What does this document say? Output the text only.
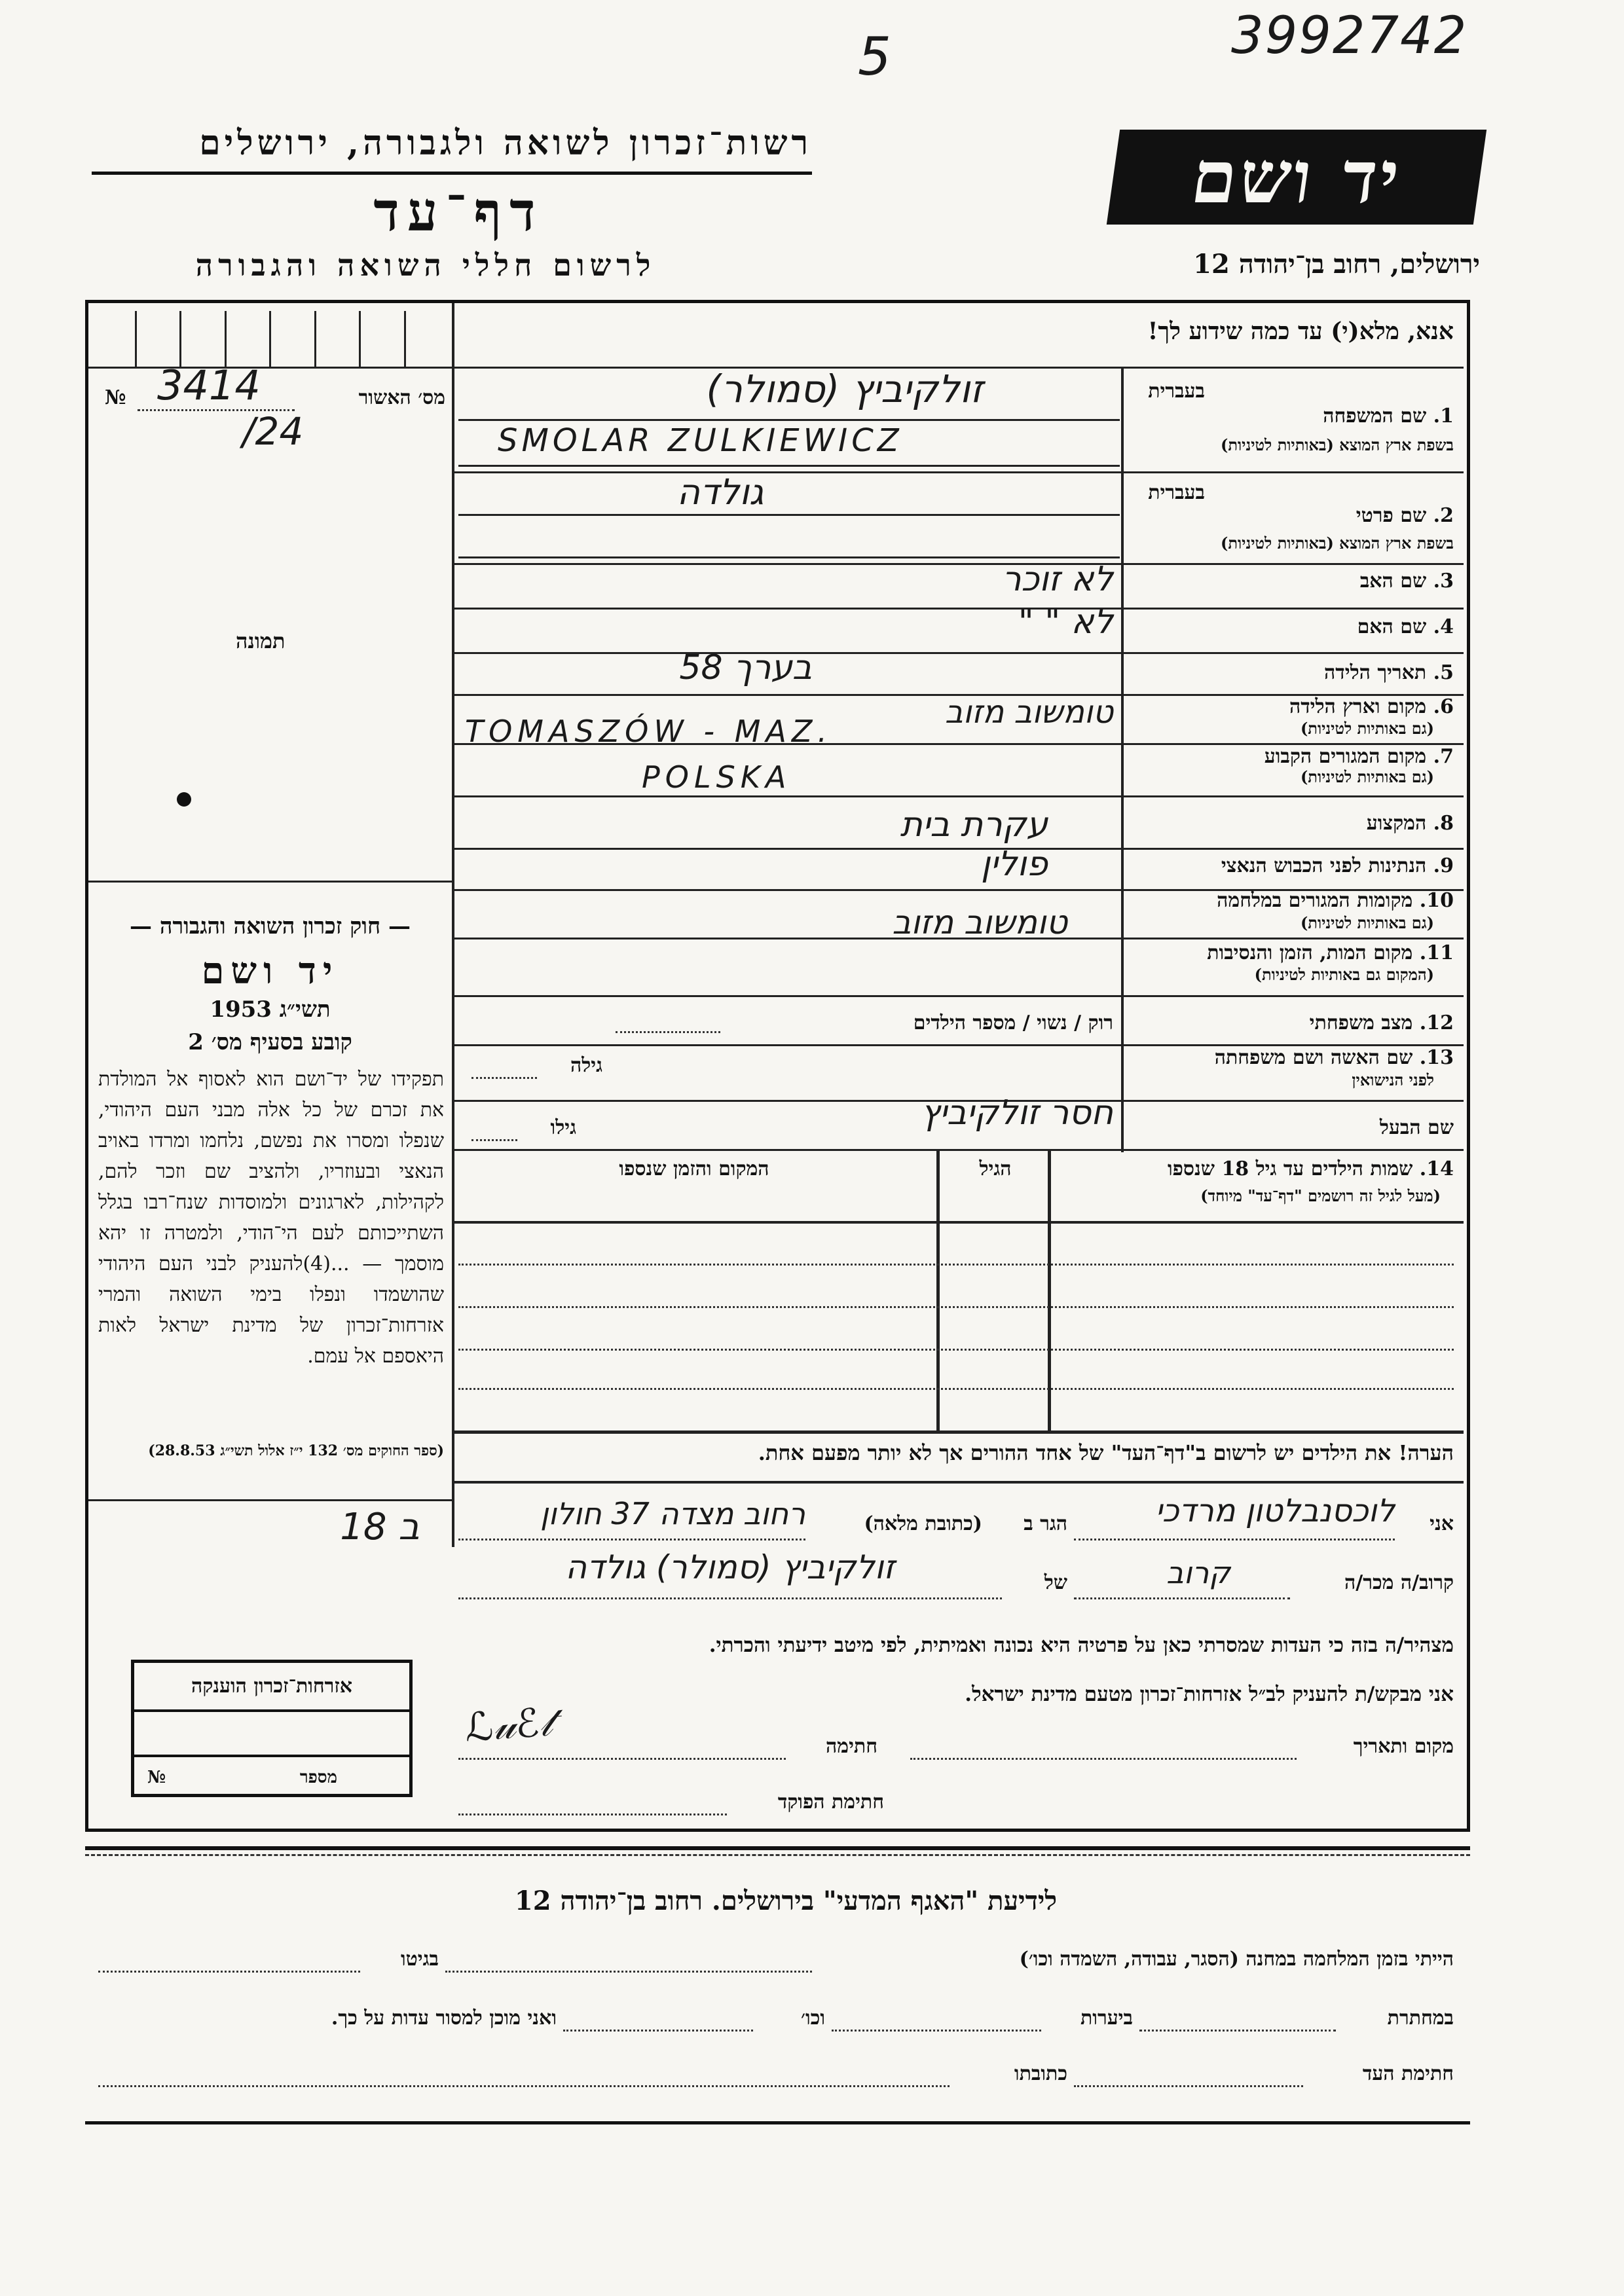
3992742
5
רשות־זכרון לשואה ולגבורה, ירושלים
דף־עד
לרשום חללי השואה והגבורה
יד ושם
ירושלים, רחוב בן־יהודה 12
אנא, מלא(י) עד כמה שידוע לך!
מס׳ האשור
№ 3414
/24
תמונה
— חוק זכרון השואה והגבורה —
יד ושם
תשי״ג 1953
קובע בסעיף מס׳ 2
תפקידו של יד־ושם הוא לאסוף אל המולדת את זכרם של כל אלה מבני העם היהודי, שנפלו ומסרו את נפשם, נלחמו ומרדו באויב הנאצי ובעוזריו, ולהציב שם וזכר להם, לקהילות, לארגונים ולמוסדות שנח־רבו בגלל השתייכותם לעם הי־הודי, ולמטרה זו יהא מוסמך — ...(4)להעניק לבני העם היהודי שהושמדו ונפלו בימי השואה והמרי אזרחות־זכרון של מדינת ישראל לאות היאספם אל עמם.
(ספר החוקים מס׳ 132 י״ז אלול תשי״ג 28.8.53)
בעברית
1. שם המשפחה
בשפת ארץ המוצא (באותיות לטיניות)
זולקיביץ (סמולר)
SMOLAR ZULKIEWICZ
בעברית
2. שם פרטי
בשפת ארץ המוצא (באותיות לטיניות)
גולדה
3. שם האב
לא זוכר
4. שם האם
לא " "
5. תאריך הלידה
בערך 58
6. מקום וארץ הלידה
(גם באותיות לטיניות)
טומשוב מזוב
TOMASZÓW - MAZ.
7. מקום המגורים הקבוע
(גם באותיות לטיניות)
POLSKA
8. המקצוע
עקרת בית
9. הנתינות לפני הכבוש הנאצי
פולין
10. מקומות המגורים במלחמה
(גם באותיות לטיניות)
טומשוב מזוב
11. מקום המות, הזמן והנסיבות
(המקום גם באותיות לטיניות)
12. מצב משפחתי
רוק / נשוי / מספר הילדים
13. שם האשה ושם משפחתה
לפני הנישואין
גילה
שם הבעל
חסר זולקיביץ
גילו
14. שמות הילדים עד גיל 18 שנספו
(מעל לגיל זה רושמים "דף־עד" מיוחד)
הגיל
המקום והזמן שנספו
הערה! את הילדים יש לרשום ב"דף־העד" של אחד ההורים אך לא יותר מפעם אחת.
אני
לוכסנבלטון מרדכי
הגר ב
(כתובת מלאה)
רחוב מצדה 37 חולון
קרוב/ה מכר/ה
קרוב
של
זולקיביץ (סמולר) גולדה
מצהיר/ה בזה כי העדות שמסרתי כאן על פרטיה היא נכונה ואמיתית, לפי מיטב ידיעתי והכרתי.
אני מבקש/ת להעניק לב״ל אזרחות־זכרון מטעם מדינת ישראל.
מקום ותאריך
חתימה
ℒ𝓊ℰ𝓉
חתימת הפוקד
ב 18
אזרחות־זכרון הוענקה
מספר
№
לידיעת "האגף המדעי" בירושלים. רחוב בן־יהודה 12
הייתי בזמן המלחמה במחנה (הסגר, עבודה, השמדה וכו׳)
בגיטו
במחתרת
ביערות
וכו׳
ואני מוכן למסור עדות על כך.
חתימת העד
כתובתו
